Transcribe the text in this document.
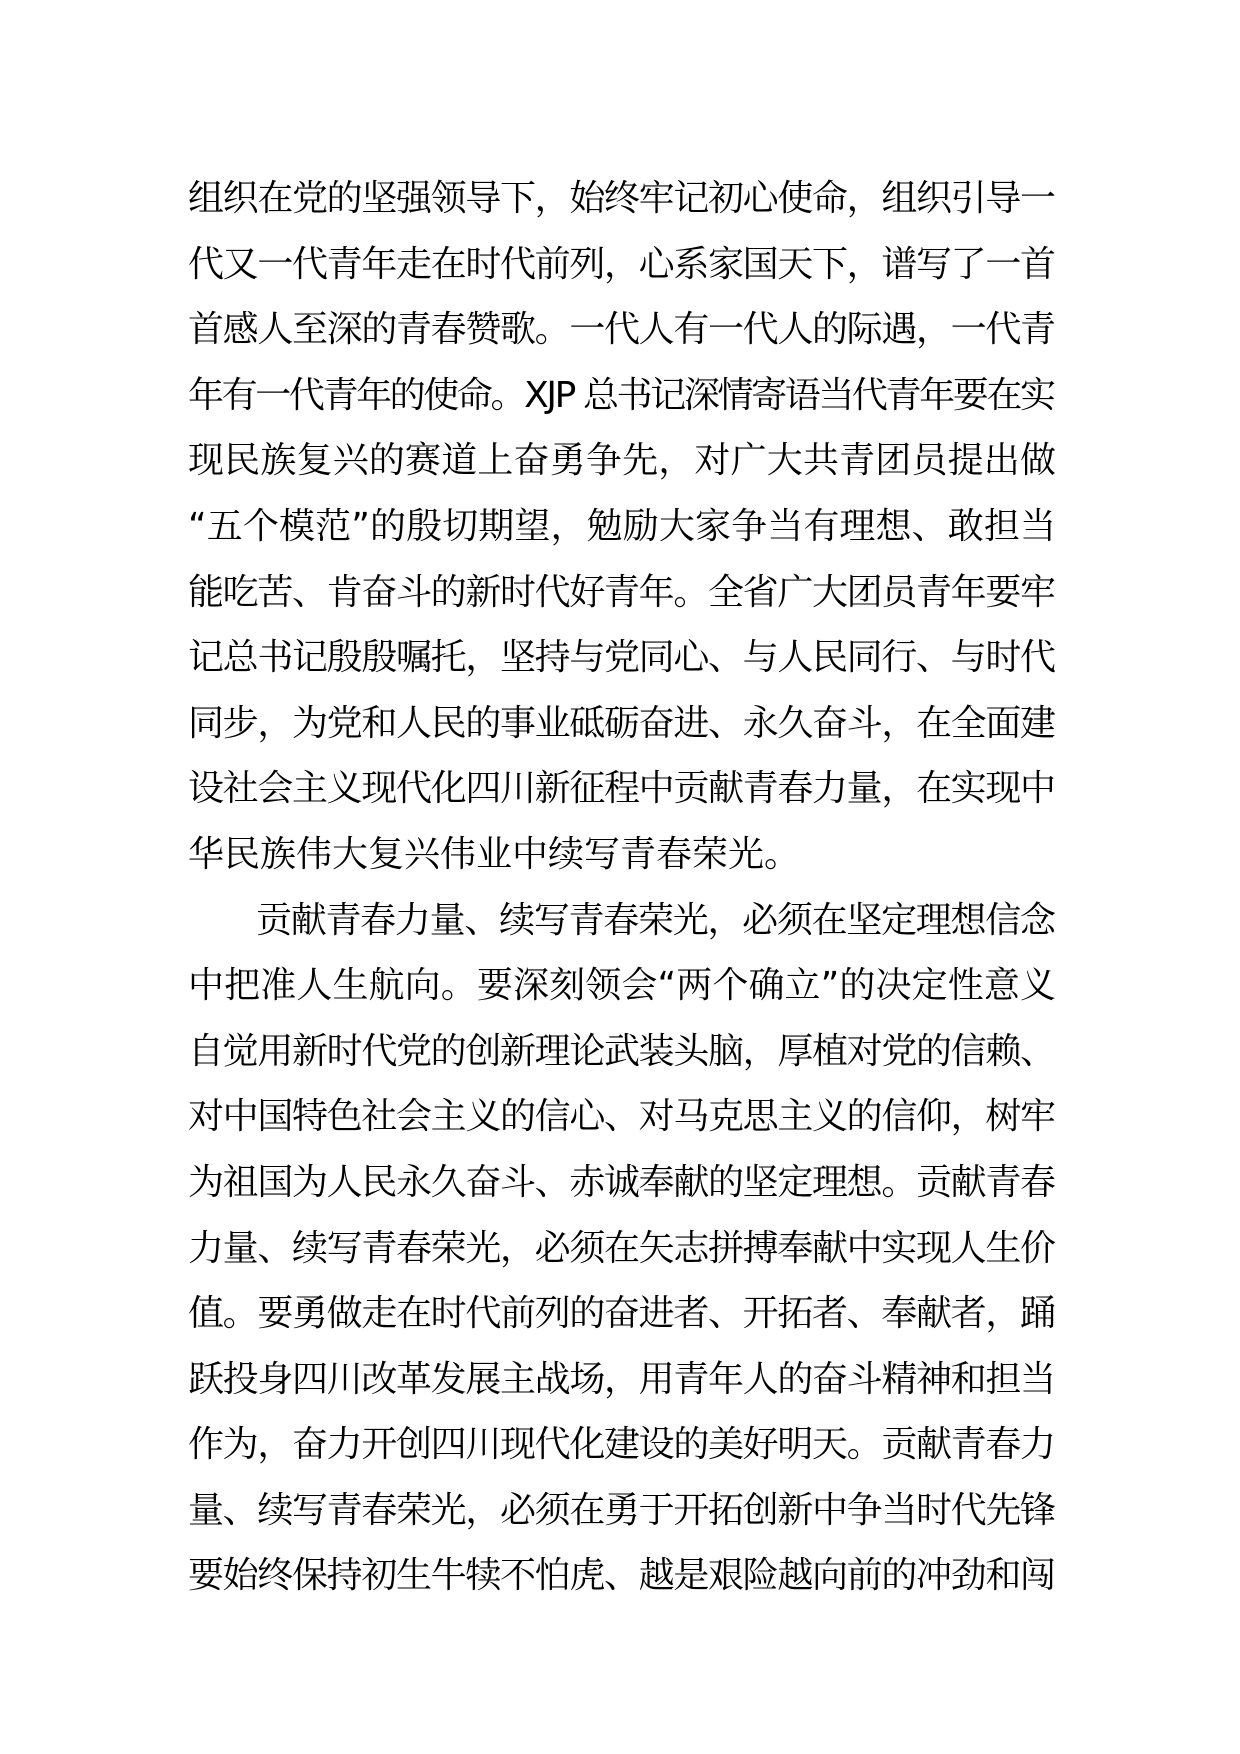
组织在党的坚强领导下，始终牢记初心使命，组织引导一
代又一代青年走在时代前列，心系家国天下，谱写了一首
首感人至深的青春赞歌。一代人有一代人的际遇，一代青
年有一代青年的使命。XJP 总书记深情寄语当代青年要在实
现民族复兴的赛道上奋勇争先，对广大共青团员提出做
“五个模范”的殷切期望，勉励大家争当有理想、敢担当
能吃苦、肯奋斗的新时代好青年。全省广大团员青年要牢
记总书记殷殷嘱托，坚持与党同心、与人民同行、与时代
同步，为党和人民的事业砥砺奋进、永久奋斗，在全面建
设社会主义现代化四川新征程中贡献青春力量，在实现中
华民族伟大复兴伟业中续写青春荣光。
贡献青春力量、续写青春荣光，必须在坚定理想信念
中把准人生航向。要深刻领会“两个确立”的决定性意义
自觉用新时代党的创新理论武装头脑，厚植对党的信赖、
对中国特色社会主义的信心、对马克思主义的信仰，树牢
为祖国为人民永久奋斗、赤诚奉献的坚定理想。贡献青春
力量、续写青春荣光，必须在矢志拼搏奉献中实现人生价
值。要勇做走在时代前列的奋进者、开拓者、奉献者，踊
跃投身四川改革发展主战场，用青年人的奋斗精神和担当
作为，奋力开创四川现代化建设的美好明天。贡献青春力
量、续写青春荣光，必须在勇于开拓创新中争当时代先锋
要始终保持初生牛犊不怕虎、越是艰险越向前的冲劲和闯
